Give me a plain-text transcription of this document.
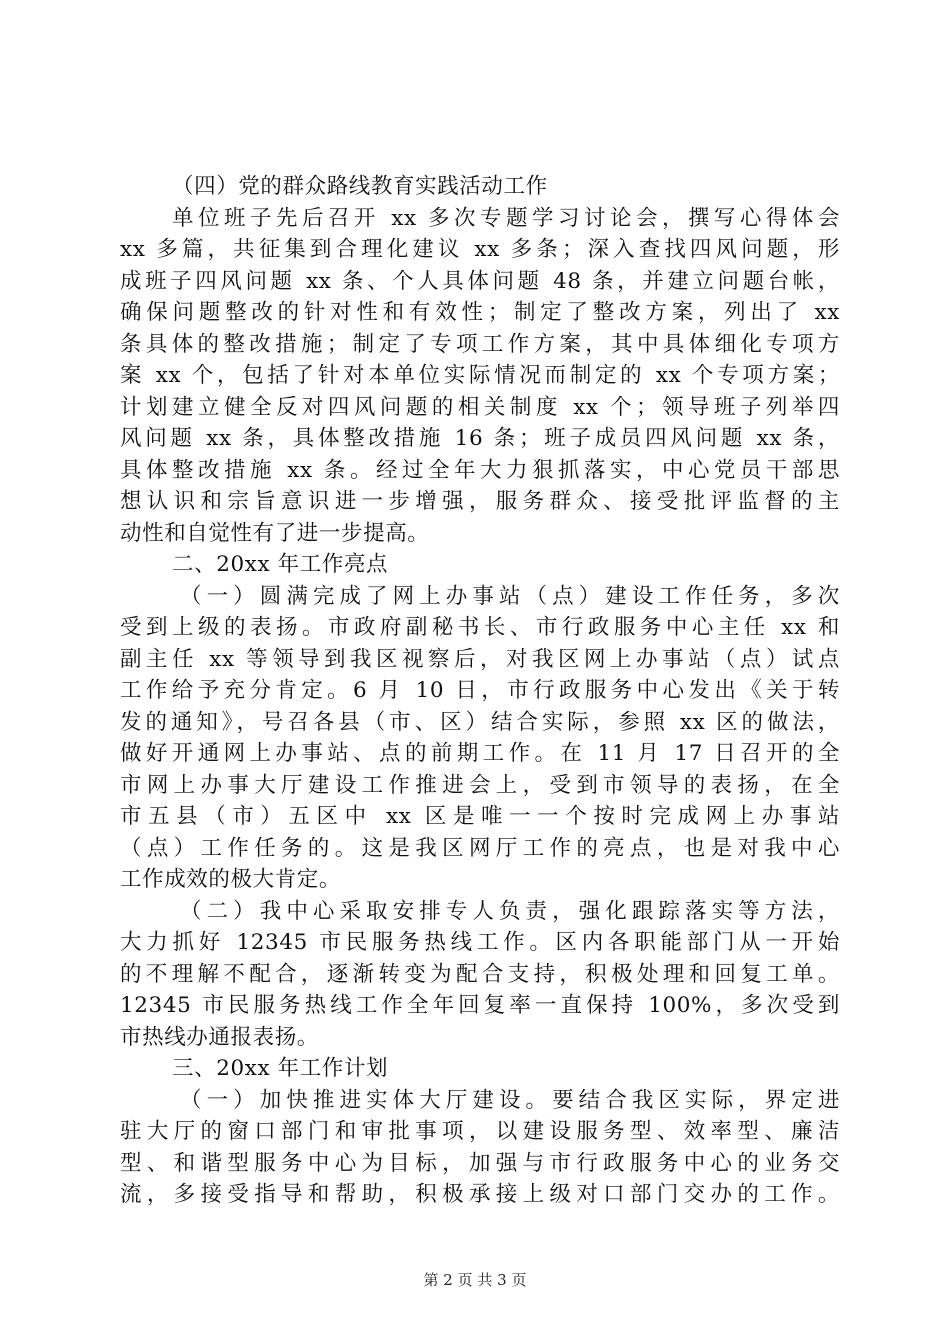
（四）党的群众路线教育实践活动工作
单位班子先后召开 xx 多次专题学习讨论会，撰写心得体会
xx 多篇，共征集到合理化建议 xx 多条；深入查找四风问题，形
成班子四风问题 xx 条、个人具体问题 48 条，并建立问题台帐，
确保问题整改的针对性和有效性；制定了整改方案，列出了 xx
条具体的整改措施；制定了专项工作方案，其中具体细化专项方
案 xx 个，包括了针对本单位实际情况而制定的 xx 个专项方案；
计划建立健全反对四风问题的相关制度 xx 个；领导班子列举四
风问题 xx 条，具体整改措施 16 条；班子成员四风问题 xx 条，
具体整改措施 xx 条。经过全年大力狠抓落实，中心党员干部思
想认识和宗旨意识进一步增强，服务群众、接受批评监督的主
动性和自觉性有了进一步提高。
二、20xx 年工作亮点
（一）圆满完成了网上办事站（点）建设工作任务，多次
受到上级的表扬。市政府副秘书长、市行政服务中心主任 xx 和
副主任 xx 等领导到我区视察后，对我区网上办事站（点）试点
工作给予充分肯定。6 月 10 日，市行政服务中心发出《关于转
发的通知》，号召各县（市、区）结合实际，参照 xx 区的做法，
做好开通网上办事站、点的前期工作。在 11 月 17 日召开的全
市网上办事大厅建设工作推进会上，受到市领导的表扬，在全
市五县（市）五区中 xx 区是唯一一个按时完成网上办事站
（点）工作任务的。这是我区网厅工作的亮点，也是对我中心
工作成效的极大肯定。
（二）我中心采取安排专人负责，强化跟踪落实等方法，
大力抓好 12345 市民服务热线工作。区内各职能部门从一开始
的不理解不配合，逐渐转变为配合支持，积极处理和回复工单。
12345 市民服务热线工作全年回复率一直保持 100%，多次受到
市热线办通报表扬。
三、20xx 年工作计划
（一）加快推进实体大厅建设。要结合我区实际，界定进
驻大厅的窗口部门和审批事项，以建设服务型、效率型、廉洁
型、和谐型服务中心为目标，加强与市行政服务中心的业务交
流，多接受指导和帮助，积极承接上级对口部门交办的工作。
第 2 页 共 3 页
